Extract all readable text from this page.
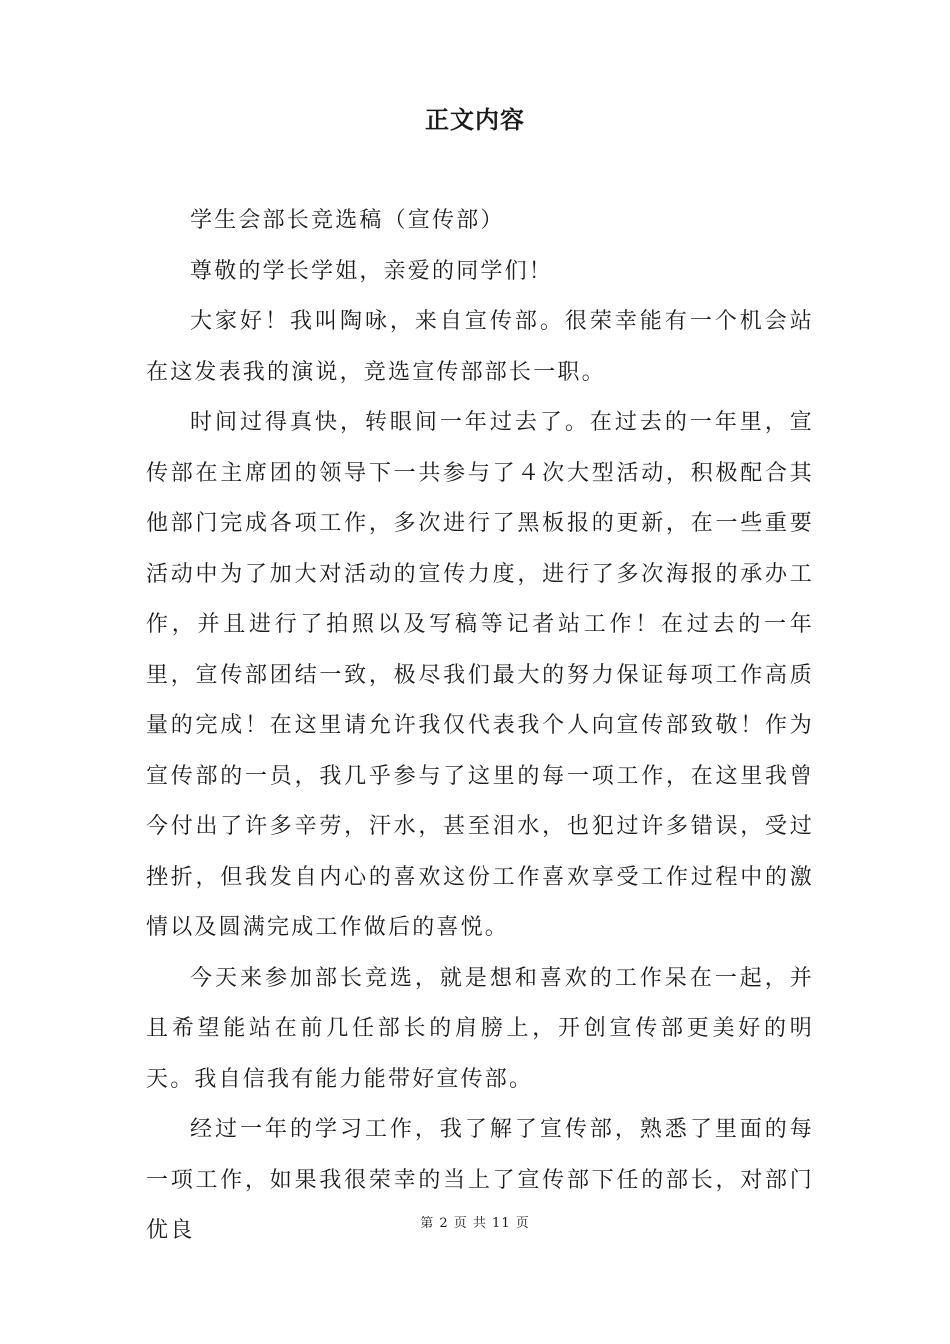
正文内容

学生会部长竞选稿（宣传部）

尊敬的学长学姐，亲爱的同学们！

大家好！我叫陶咏，来自宣传部。很荣幸能有一个机会站在这发表我的演说，竞选宣传部部长一职。

时间过得真快，转眼间一年过去了。在过去的一年里，宣传部在主席团的领导下一共参与了４次大型活动，积极配合其他部门完成各项工作，多次进行了黑板报的更新，在一些重要活动中为了加大对活动的宣传力度，进行了多次海报的承办工作，并且进行了拍照以及写稿等记者站工作！在过去的一年里，宣传部团结一致，极尽我们最大的努力保证每项工作高质量的完成！在这里请允许我仅代表我个人向宣传部致敬！作为宣传部的一员，我几乎参与了这里的每一项工作，在这里我曾今付出了许多辛劳，汗水，甚至泪水，也犯过许多错误，受过挫折，但我发自内心的喜欢这份工作喜欢享受工作过程中的激情以及圆满完成工作做后的喜悦。

今天来参加部长竞选，就是想和喜欢的工作呆在一起，并且希望能站在前几任部长的肩膀上，开创宣传部更美好的明天。我自信我有能力能带好宣传部。

经过一年的学习工作，我了解了宣传部，熟悉了里面的每一项工作，如果我很荣幸的当上了宣传部下任的部长，对部门优良	第 2 页 共 11 页
